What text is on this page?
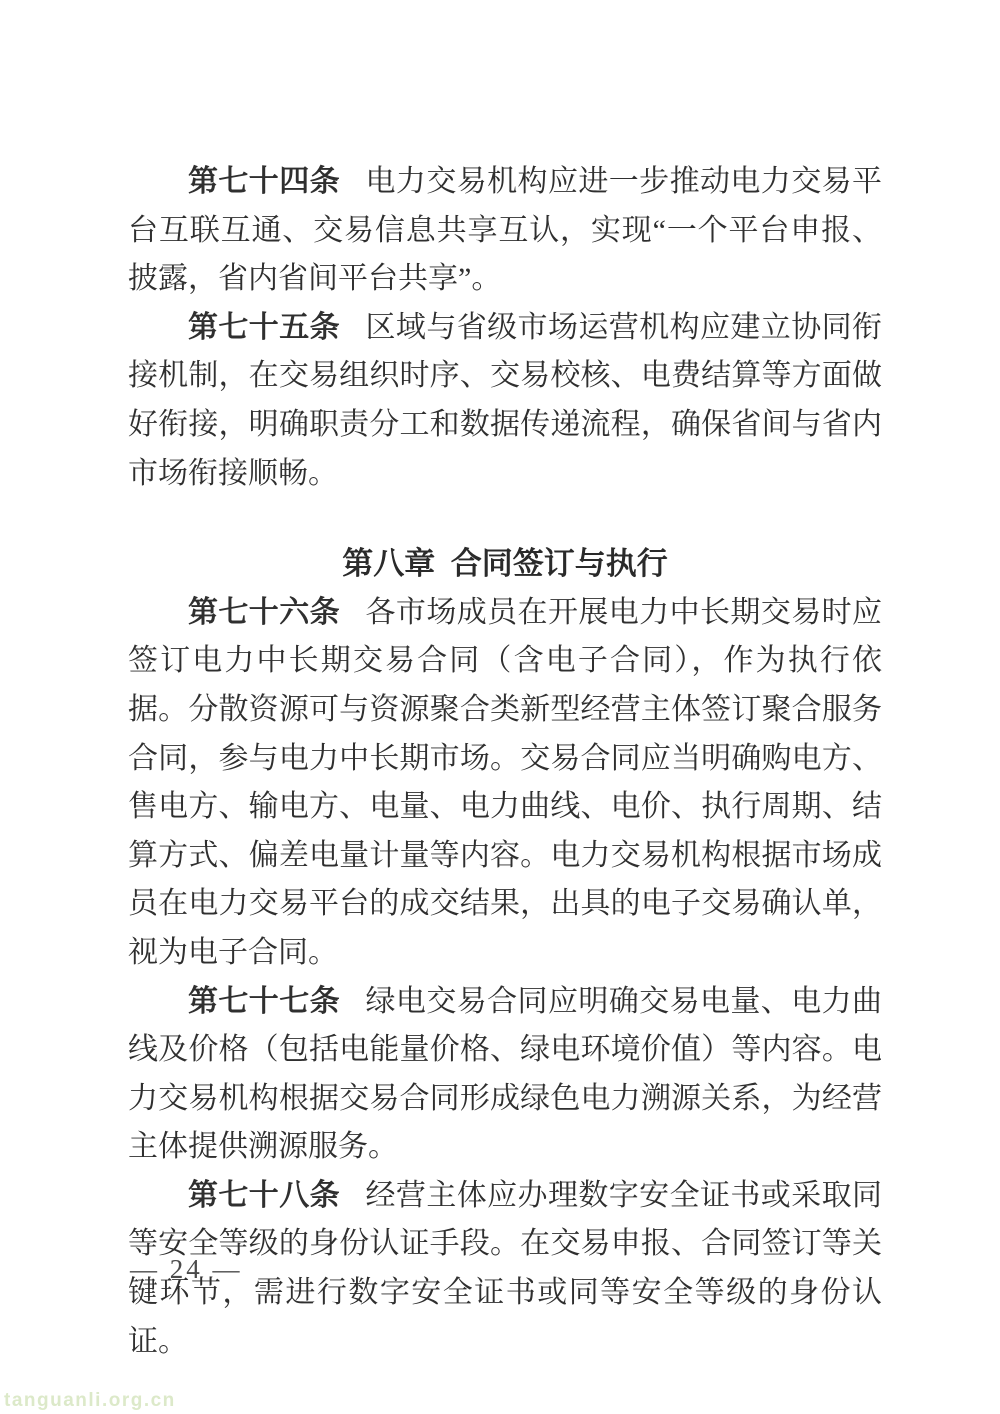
第七十四条 电力交易机构应进一步推动电力交易平台互联互通、交易信息共享互认，实现“一个平台申报、披露，省内省间平台共享”。

第七十五条 区域与省级市场运营机构应建立协同衔接机制，在交易组织时序、交易校核、电费结算等方面做好衔接，明确职责分工和数据传递流程，确保省间与省内市场衔接顺畅。

第八章 合同签订与执行

第七十六条 各市场成员在开展电力中长期交易时应签订电力中长期交易合同（含电子合同），作为执行依据。分散资源可与资源聚合类新型经营主体签订聚合服务合同，参与电力中长期市场。交易合同应当明确购电方、售电方、输电方、电量、电力曲线、电价、执行周期、结算方式、偏差电量计量等内容。电力交易机构根据市场成员在电力交易平台的成交结果，出具的电子交易确认单，视为电子合同。

第七十七条 绿电交易合同应明确交易电量、电力曲线及价格（包括电能量价格、绿电环境价值）等内容。电力交易机构根据交易合同形成绿色电力溯源关系，为经营主体提供溯源服务。

第七十八条 经营主体应办理数字安全证书或采取同等安全等级的身份认证手段。在交易申报、合同签订等关键环节，需进行数字安全证书或同等安全等级的身份认证。

— 24 —
tanguanli.org.cn
